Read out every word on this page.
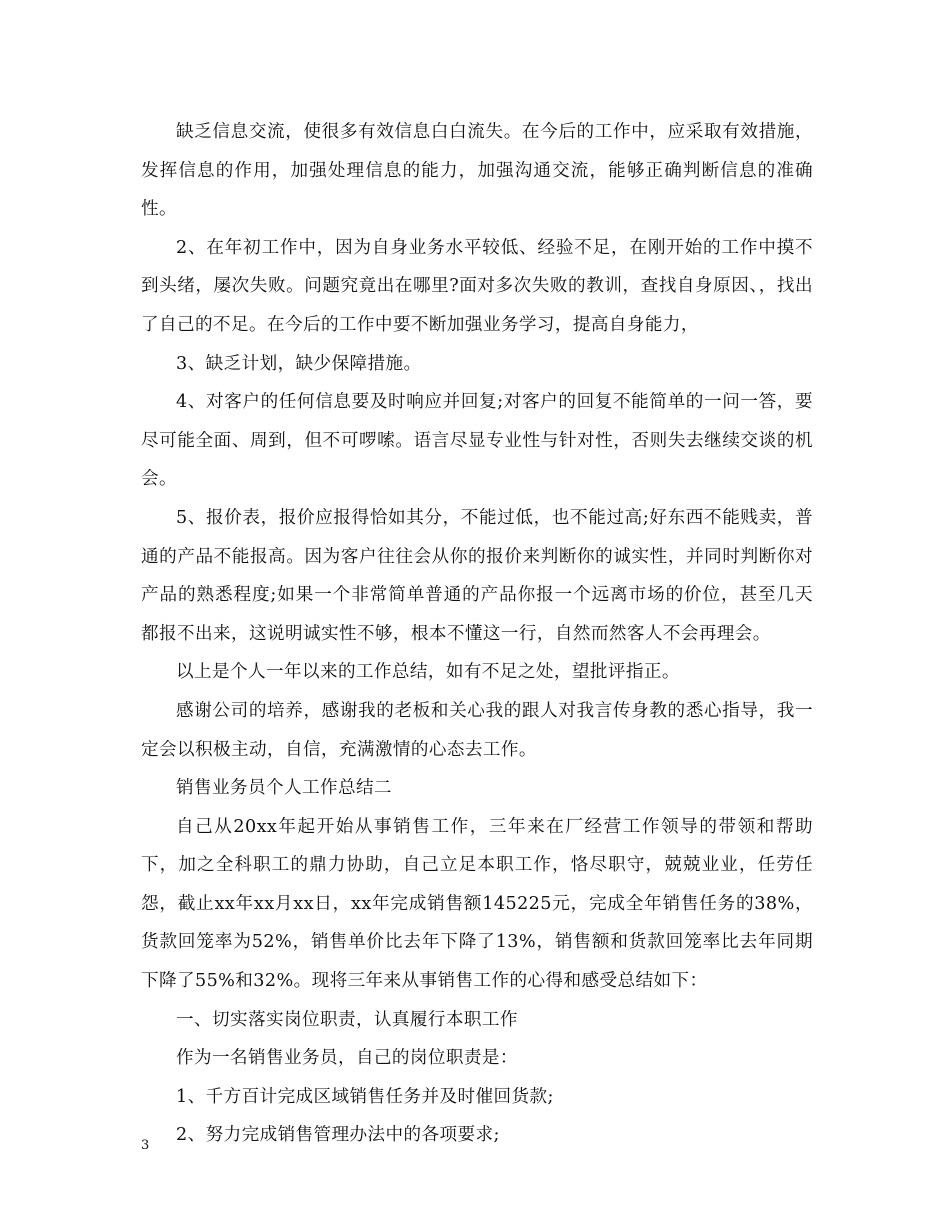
缺乏信息交流，使很多有效信息白白流失。在今后的工作中，应采取有效措施，发挥信息的作用，加强处理信息的能力，加强沟通交流，能够正确判断信息的准确性。

2、在年初工作中，因为自身业务水平较低、经验不足，在刚开始的工作中摸不到头绪，屡次失败。问题究竟出在哪里?面对多次失败的教训，查找自身原因、，找出了自己的不足。在今后的工作中要不断加强业务学习，提高自身能力，

3、缺乏计划，缺少保障措施。

4、对客户的任何信息要及时响应并回复;对客户的回复不能简单的一问一答，要尽可能全面、周到，但不可啰嗦。语言尽显专业性与针对性，否则失去继续交谈的机会。

5、报价表，报价应报得恰如其分，不能过低，也不能过高;好东西不能贱卖，普通的产品不能报高。因为客户往往会从你的报价来判断你的诚实性，并同时判断你对产品的熟悉程度;如果一个非常简单普通的产品你报一个远离市场的价位，甚至几天都报不出来，这说明诚实性不够，根本不懂这一行，自然而然客人不会再理会。

以上是个人一年以来的工作总结，如有不足之处，望批评指正。

感谢公司的培养，感谢我的老板和关心我的跟人对我言传身教的悉心指导，我一定会以积极主动，自信，充满激情的心态去工作。

销售业务员个人工作总结二

自己从20xx年起开始从事销售工作，三年来在厂经营工作领导的带领和帮助下，加之全科职工的鼎力协助，自己立足本职工作，恪尽职守，兢兢业业，任劳任怨，截止xx年xx月xx日，xx年完成销售额145225元，完成全年销售任务的38%，货款回笼率为52%，销售单价比去年下降了13%，销售额和货款回笼率比去年同期下降了55%和32%。现将三年来从事销售工作的心得和感受总结如下：

一、切实落实岗位职责，认真履行本职工作

作为一名销售业务员，自己的岗位职责是：

1、千方百计完成区域销售任务并及时催回货款;

2、努力完成销售管理办法中的各项要求;

3
